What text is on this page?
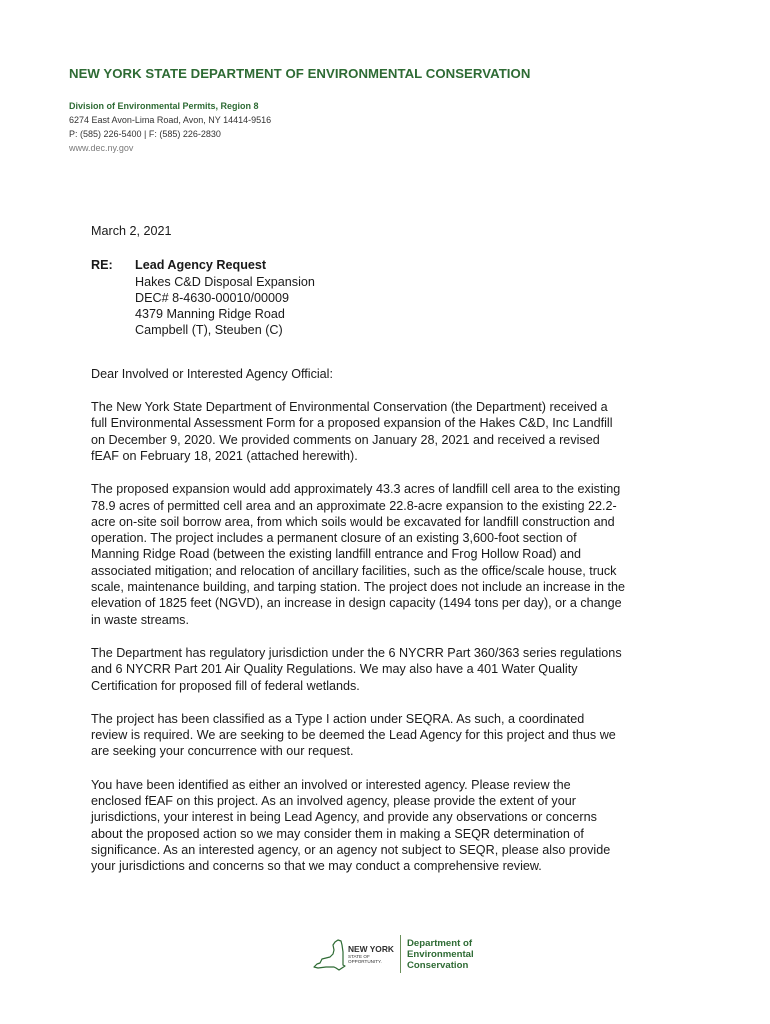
NEW YORK STATE DEPARTMENT OF ENVIRONMENTAL CONSERVATION
Division of Environmental Permits, Region 8
6274 East Avon-Lima Road, Avon, NY 14414-9516
P: (585) 226-5400 | F: (585) 226-2830
www.dec.ny.gov
March 2, 2021
RE:	Lead Agency Request
Hakes C&D Disposal Expansion
DEC# 8-4630-00010/00009
4379 Manning Ridge Road
Campbell (T), Steuben (C)

Dear Involved or Interested Agency Official:

The New York State Department of Environmental Conservation (the Department) received a
full Environmental Assessment Form for a proposed expansion of the Hakes C&D, Inc Landfill
on December 9, 2020. We provided comments on January 28, 2021 and received a revised
fEAF on February 18, 2021 (attached herewith).

The proposed expansion would add approximately 43.3 acres of landfill cell area to the existing
78.9 acres of permitted cell area and an approximate 22.8-acre expansion to the existing 22.2-
acre on-site soil borrow area, from which soils would be excavated for landfill construction and
operation. The project includes a permanent closure of an existing 3,600-foot section of
Manning Ridge Road (between the existing landfill entrance and Frog Hollow Road) and
associated mitigation; and relocation of ancillary facilities, such as the office/scale house, truck
scale, maintenance building, and tarping station. The project does not include an increase in the
elevation of 1825 feet (NGVD), an increase in design capacity (1494 tons per day), or a change
in waste streams.

The Department has regulatory jurisdiction under the 6 NYCRR Part 360/363 series regulations
and 6 NYCRR Part 201 Air Quality Regulations. We may also have a 401 Water Quality
Certification for proposed fill of federal wetlands.

The project has been classified as a Type I action under SEQRA. As such, a coordinated
review is required. We are seeking to be deemed the Lead Agency for this project and thus we
are seeking your concurrence with our request.

You have been identified as either an involved or interested agency. Please review the
enclosed fEAF on this project. As an involved agency, please provide the extent of your
jurisdictions, your interest in being Lead Agency, and provide any observations or concerns
about the proposed action so we may consider them in making a SEQR determination of
significance. As an interested agency, or an agency not subject to SEQR, please also provide
your jurisdictions and concerns so that we may conduct a comprehensive review.

NEW YORK
STATE OF
OPPORTUNITY.
Department of
Environmental
Conservation
